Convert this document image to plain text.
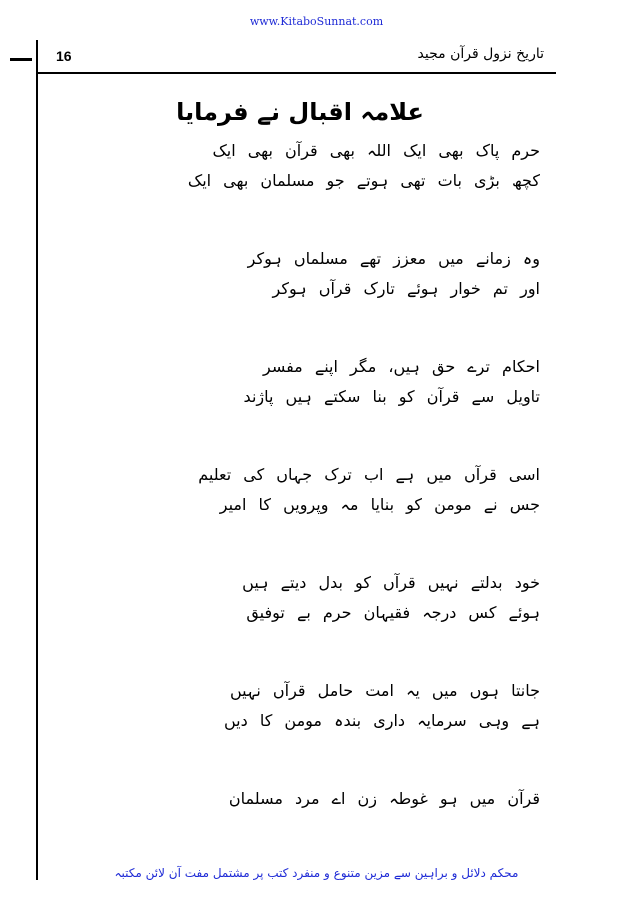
www.KitaboSunnat.com
16	تاریخ نزول قرآن مجید
علامہ اقبال نے فرمایا
حرم پاک بھی ایک اللہ بھی قرآن بھی ایک
کچھ بڑی بات تھی ہوتے جو مسلمان بھی ایک
وہ زمانے میں معزز تھے مسلماں ہوکر
اور تم خوار ہوئے تارک قرآں ہوکر
احکام ترے حق ہیں، مگر اپنے مفسر
تاویل سے قرآن کو بنا سکتے ہیں پاژند
اسی قرآں میں ہے اب ترک جہاں کی تعلیم
جس نے مومن کو بنایا مہ وپرویں کا امیر
خود بدلتے نہیں قرآں کو بدل دیتے ہیں
ہوئے کس درجہ فقیہان حرم بے توفیق
جانتا ہوں میں یہ امت حامل قرآں نہیں
ہے وہی سرمایہ داری بندہ مومن کا دیں
قرآن میں ہو غوطہ زن اے مرد مسلمان
محکم دلائل و براہین سے مزین متنوع و منفرد کتب پر مشتمل مفت آن لائن مکتبہ
